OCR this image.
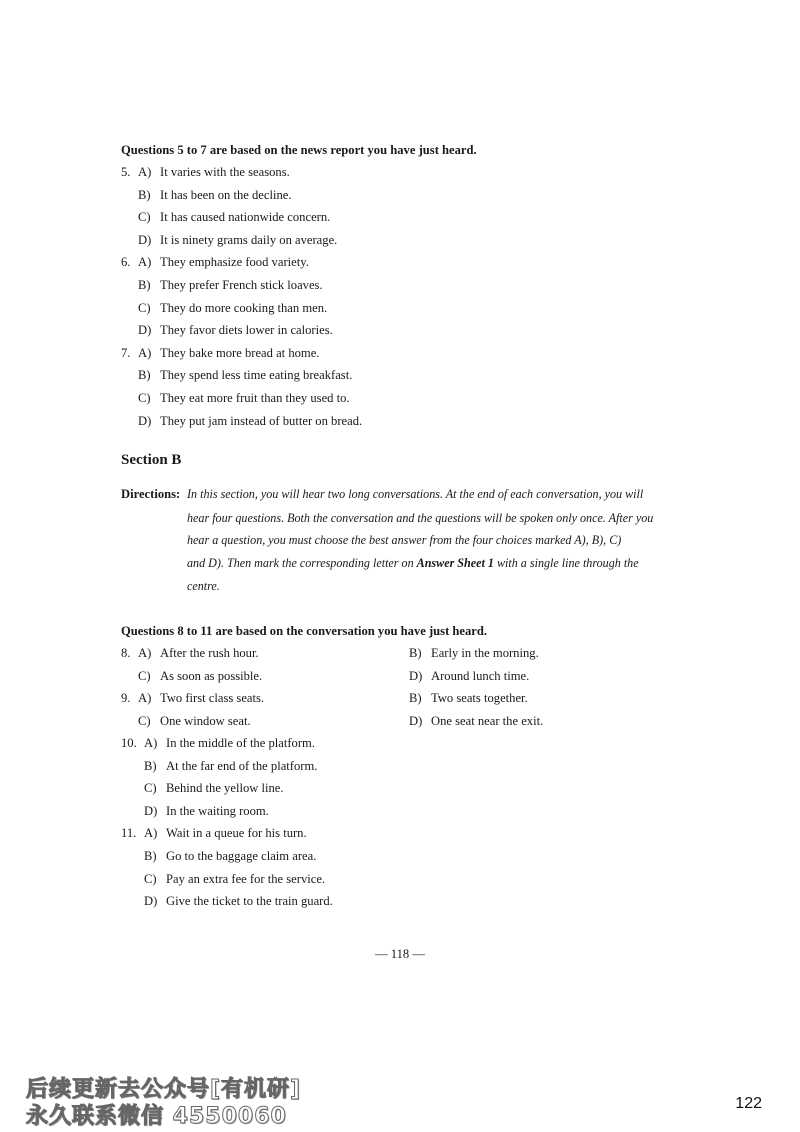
Questions 5 to 7 are based on the news report you have just heard.
5. A) It varies with the seasons.
B) It has been on the decline.
C) It has caused nationwide concern.
D) It is ninety grams daily on average.
6. A) They emphasize food variety.
B) They prefer French stick loaves.
C) They do more cooking than men.
D) They favor diets lower in calories.
7. A) They bake more bread at home.
B) They spend less time eating breakfast.
C) They eat more fruit than they used to.
D) They put jam instead of butter on bread.
Section B
Directions: In this section, you will hear two long conversations. At the end of each conversation, you will
hear four questions. Both the conversation and the questions will be spoken only once. After you
hear a question, you must choose the best answer from the four choices marked A), B), C)
and D). Then mark the corresponding letter on Answer Sheet 1 with a single line through the
centre.
Questions 8 to 11 are based on the conversation you have just heard.
8. A) After the rush hour.	B) Early in the morning.
C) As soon as possible.	D) Around lunch time.
9. A) Two first class seats.	B) Two seats together.
C) One window seat.	D) One seat near the exit.
10. A) In the middle of the platform.
B) At the far end of the platform.
C) Behind the yellow line.
D) In the waiting room.
11. A) Wait in a queue for his turn.
B) Go to the baggage claim area.
C) Pay an extra fee for the service.
D) Give the ticket to the train guard.
— 118 —
122
后续更新去公众号[有机研]
永久联系微信 4550060
